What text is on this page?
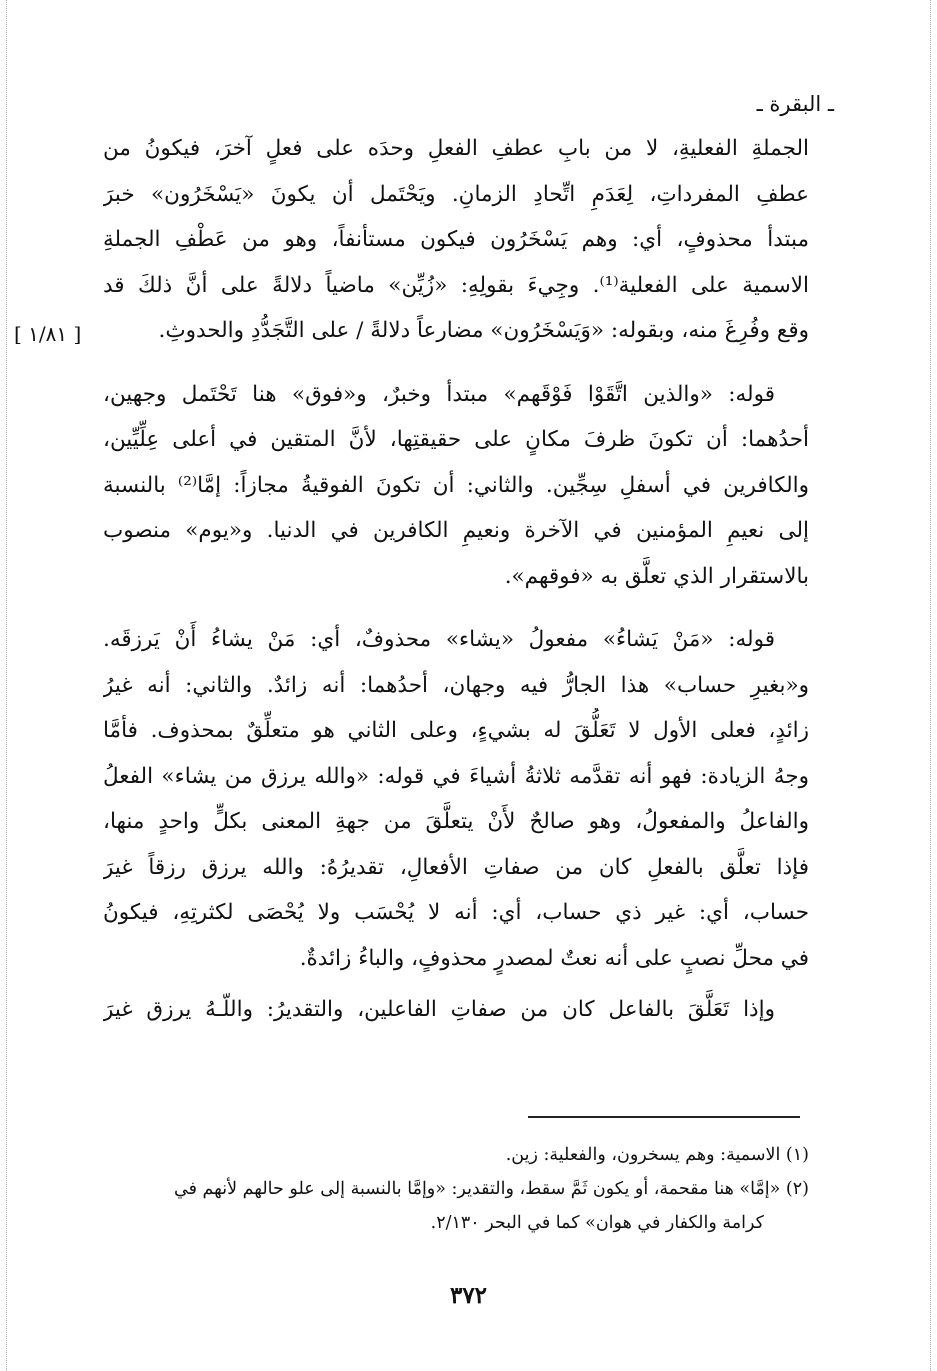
ـ البقرة ـ
[ ١/٨١ ]

الجملةِ الفعليةِ، لا من بابِ عطفِ الفعلِ وحدَه على فعلٍ آخرَ، فيكونُ من
عطفِ المفرداتِ، لِعَدَمِ اتِّحادِ الزمانِ. ويَحْتَمل أن يكونَ «يَسْخَرُون» خبرَ
مبتدأ محذوفٍ، أي: وهم يَسْخَرُون فيكون مستأنفاً، وهو من عَطْفِ الجملةِ
الاسمية على الفعلية⁽¹⁾. وجِيءَ بقولِهِ: «زُيِّن» ماضياً دلالةً على أنَّ ذلكَ قد
وقع وفُرِغَ منه، وبقوله: «وَيَسْخَرُون» مضارعاً دلالةً / على التَّجَدُّدِ والحدوثِ.

قوله: «والذين اتَّقَوْا فَوْقَهم» مبتدأ وخبرٌ، و«فوق» هنا تَحْتَمل وجهين،
أحدُهما: أن تكونَ ظرفَ مكانٍ على حقيقتِها، لأنَّ المتقين في أعلى عِلِّيِّين،
والكافرين في أسفلِ سِجِّين. والثاني: أن تكونَ الفوقيةُ مجازاً: إمَّا⁽²⁾ بالنسبة
إلى نعيمِ المؤمنين في الآخرة ونعيمِ الكافرين في الدنيا. و«يوم» منصوب
بالاستقرار الذي تعلَّق به «فوقهم».

قوله: «مَنْ يَشاءُ» مفعولُ «يشاء» محذوفٌ، أي: مَنْ يشاءُ أَنْ يَرزقَه.
و«بغيرِ حساب» هذا الجارُّ فيه وجهان، أحدُهما: أنه زائدٌ. والثاني: أنه غيرُ
زائدٍ، فعلى الأول لا تَعَلُّقَ له بشيءٍ، وعلى الثاني هو متعلِّقٌ بمحذوف. فأمَّا
وجهُ الزيادة: فهو أنه تقدَّمه ثلاثةُ أشياءَ في قوله: «والله يرزق من يشاء» الفعلُ
والفاعلُ والمفعولُ، وهو صالحٌ لأَنْ يتعلَّقَ من جهةِ المعنى بكلٍّ واحدٍ منها،
فإذا تعلَّق بالفعلِ كان من صفاتِ الأفعالِ، تقديرُهُ: والله يرزق رزقاً غيرَ
حساب، أي: غير ذي حساب، أي: أنه لا يُحْسَب ولا يُحْصَى لكثرتِهِ، فيكونُ
في محلِّ نصبٍ على أنه نعتٌ لمصدرٍ محذوفٍ، والباءُ زائدةٌ.

وإذا تَعَلَّقَ بالفاعل كان من صفاتِ الفاعلين، والتقديرُ: واللّـهُ يرزق غيرَ

(١) الاسمية: وهم يسخرون، والفعلية: زين.
(٢) «إمَّا» هنا مقحمة، أو يكون ثَمَّ سقط، والتقدير: «وإمَّا بالنسبة إلى علو حالهم لأنهم في
كرامة والكفار في هوان» كما في البحر ٢/١٣٠.
٣٧٢
